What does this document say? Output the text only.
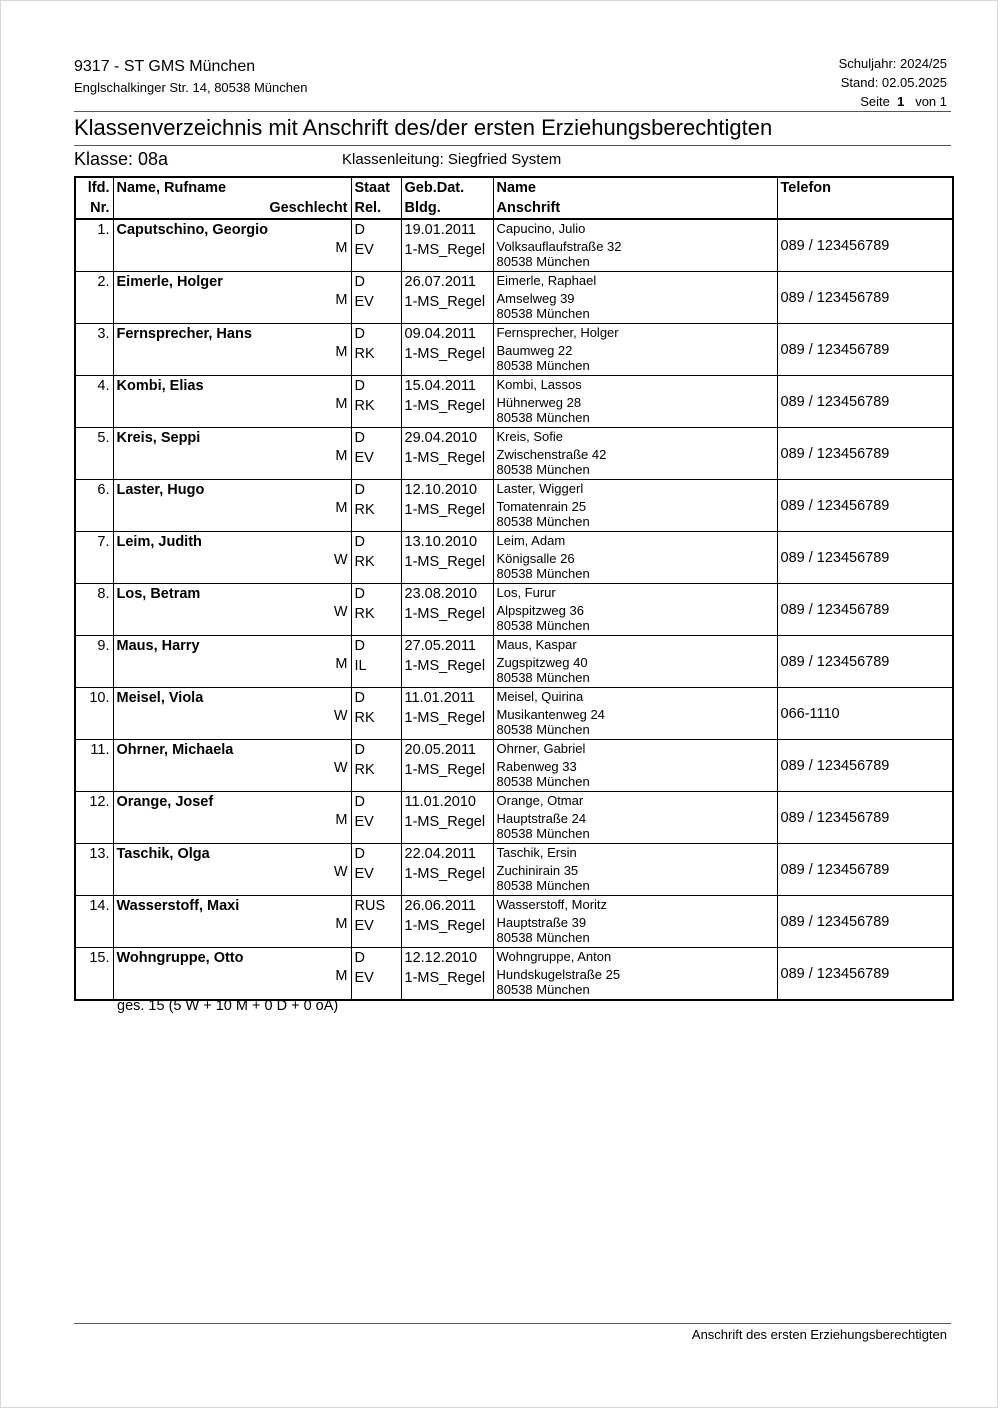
9317 - ST GMS München
Englschalkinger Str. 14, 80538 München
Schuljahr: 2024/25
Stand: 02.05.2025
Seite 1 von 1
Klassenverzeichnis mit Anschrift des/der ersten Erziehungsberechtigten
Klasse: 08a	Klassenleitung: Siegfried System
lfd.	Name, Rufname	Staat	Geb.Dat.	Name	Telefon
Nr.	Geschlecht	Rel.	Bldg.	Anschrift	
1.	Caputschino, Georgio	D	19.01.2011	Capucino, Julio	089 / 123456789
	M	EV	1-MS_Regel	Volksauflaufstraße 32
80538 München	

2.	Eimerle, Holger	D	26.07.2011	Eimerle, Raphael	089 / 123456789
	M	EV	1-MS_Regel	Amselweg 39
80538 München	

3.	Fernsprecher, Hans	D	09.04.2011	Fernsprecher, Holger	089 / 123456789
	M	RK	1-MS_Regel	Baumweg 22
80538 München	

4.	Kombi, Elias	D	15.04.2011	Kombi, Lassos	089 / 123456789
	M	RK	1-MS_Regel	Hühnerweg 28
80538 München	

5.	Kreis, Seppi	D	29.04.2010	Kreis, Sofie	089 / 123456789
	M	EV	1-MS_Regel	Zwischenstraße 42
80538 München	

6.	Laster, Hugo	D	12.10.2010	Laster, Wiggerl	089 / 123456789
	M	RK	1-MS_Regel	Tomatenrain 25
80538 München	

7.	Leim, Judith	D	13.10.2010	Leim, Adam	089 / 123456789
	W	RK	1-MS_Regel	Königsalle 26
80538 München	

8.	Los, Betram	D	23.08.2010	Los, Furur	089 / 123456789
	W	RK	1-MS_Regel	Alpspitzweg 36
80538 München	

9.	Maus, Harry	D	27.05.2011	Maus, Kaspar	089 / 123456789
	M	IL	1-MS_Regel	Zugspitzweg 40
80538 München	

10.	Meisel, Viola	D	11.01.2011	Meisel, Quirina	066-1110
	W	RK	1-MS_Regel	Musikantenweg 24
80538 München	

11.	Ohrner, Michaela	D	20.05.2011	Ohrner, Gabriel	089 / 123456789
	W	RK	1-MS_Regel	Rabenweg 33
80538 München	

12.	Orange, Josef	D	11.01.2010	Orange, Otmar	089 / 123456789
	M	EV	1-MS_Regel	Hauptstraße 24
80538 München	

13.	Taschik, Olga	D	22.04.2011	Taschik, Ersin	089 / 123456789
	W	EV	1-MS_Regel	Zuchinirain 35
80538 München	

14.	Wasserstoff, Maxi	RUS	26.06.2011	Wasserstoff, Moritz	089 / 123456789
	M	EV	1-MS_Regel	Hauptstraße 39
80538 München	

15.	Wohngruppe, Otto	D	12.12.2010	Wohngruppe, Anton	089 / 123456789
	M	EV	1-MS_Regel	Hundskugelstraße 25
80538 München	
ges. 15 (5 W + 10 M + 0 D + 0 oA)
Anschrift des ersten Erziehungsberechtigten
